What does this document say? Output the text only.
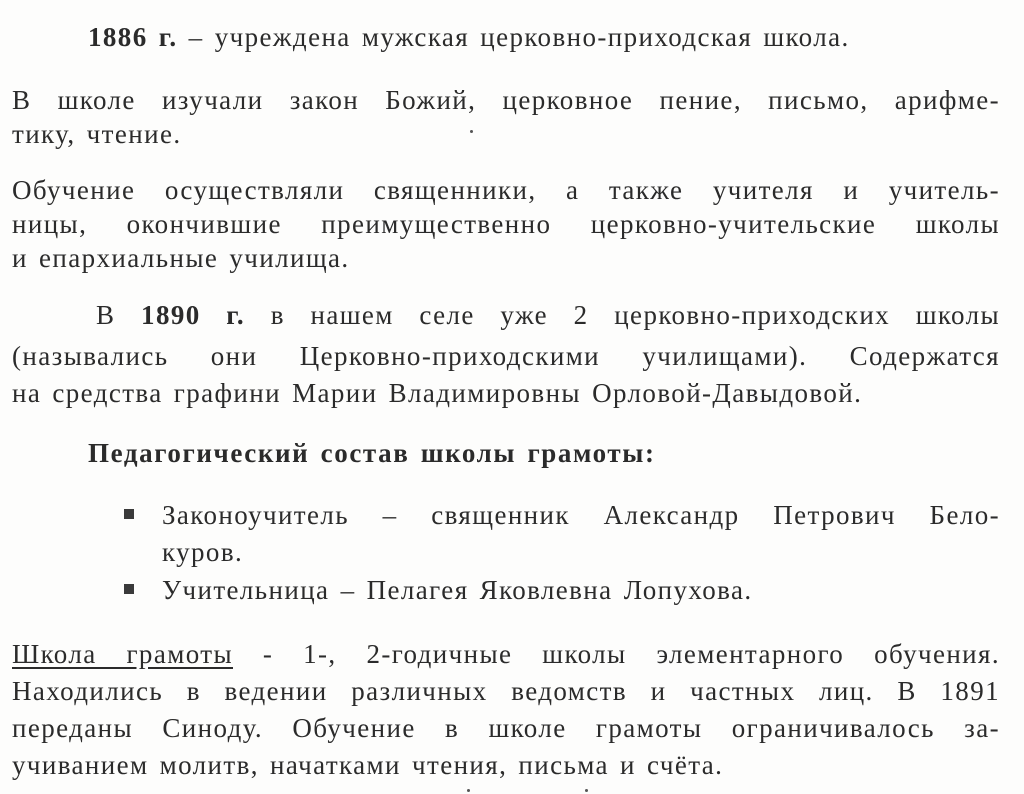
1886 г. – учреждена мужская церковно-приходская школа.
В школе изучали закон Божий, церковное пение, письмо, арифме-
тику, чтение.
Обучение осуществляли священники, а также учителя и учитель-
ницы, окончившие преимущественно церковно-учительские школы
и епархиальные училища.
В 1890 г. в нашем селе уже 2 церковно-приходских школы
(назывались они Церковно-приходскими училищами). Содержатся
на средства графини Марии Владимировны Орловой-Давыдовой.
Педагогический состав школы грамоты:
Законоучитель – священник Александр Петрович Бело-
куров.
Учительница – Пелагея Яковлевна Лопухова.
Школа грамоты - 1-, 2-годичные школы элементарного обучения.
Находились в ведении различных ведомств и частных лиц. В 1891
переданы Синоду. Обучение в школе грамоты ограничивалось за-
учиванием молитв, начатками чтения, письма и счёта.
